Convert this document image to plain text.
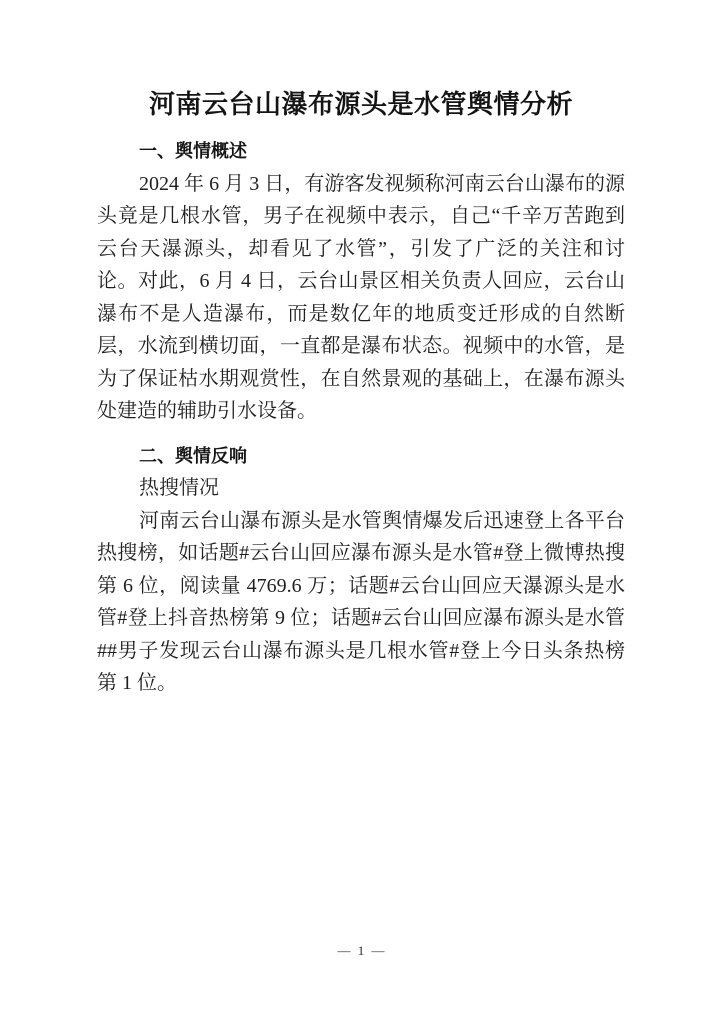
河南云台山瀑布源头是水管舆情分析
一、舆情概述

2024 年 6 月 3 日，有游客发视频称河南云台山瀑布的源头竟是几根水管，男子在视频中表示，自己“千辛万苦跑到云台天瀑源头，却看见了水管”，引发了广泛的关注和讨论。对此，6 月 4 日，云台山景区相关负责人回应，云台山瀑布不是人造瀑布，而是数亿年的地质变迁形成的自然断层，水流到横切面，一直都是瀑布状态。视频中的水管，是为了保证枯水期观赏性，在自然景观的基础上，在瀑布源头处建造的辅助引水设备。

二、舆情反响
热搜情况

河南云台山瀑布源头是水管舆情爆发后迅速登上各平台热搜榜，如话题#云台山回应瀑布源头是水管#登上微博热搜第 6 位，阅读量 4769.6 万；话题#云台山回应天瀑源头是水管#登上抖音热榜第 9 位；话题#云台山回应瀑布源头是水管##男子发现云台山瀑布源头是几根水管#登上今日头条热榜第 1 位。

— 1 —
